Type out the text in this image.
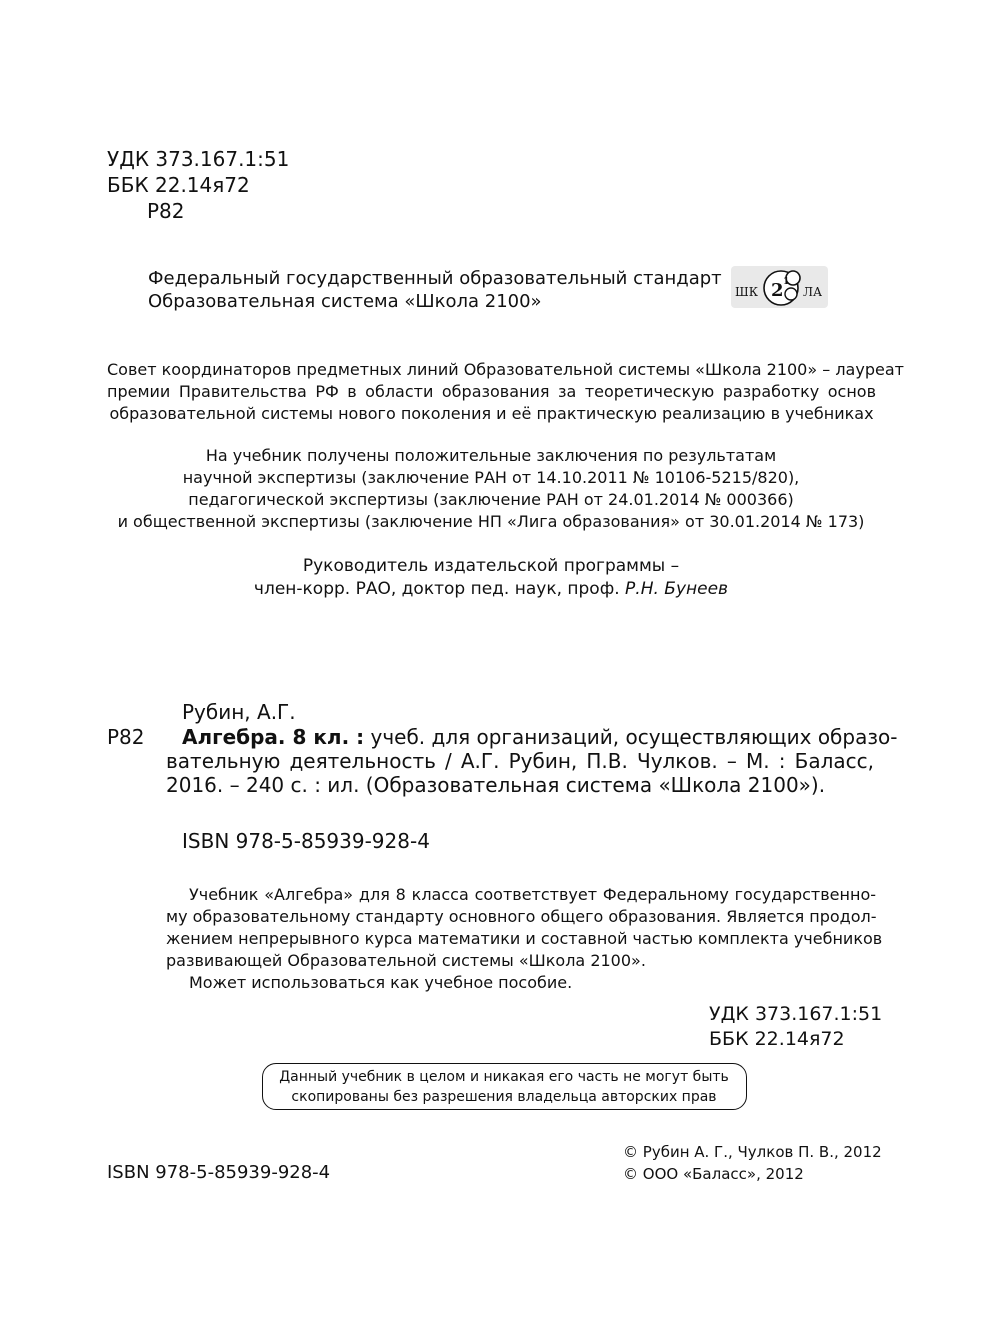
УДК 373.167.1:51
ББК 22.14я72
Р82
Федеральный государственный образовательный стандарт
Образовательная система «Школа 2100»	ШК 2 1
ЛА
Совет координаторов предметных линий Образовательной системы «Школа 2100» – лауреат
премии Правительства РФ в области образования за теоретическую разработку основ
образовательной системы нового поколения и её практическую реализацию в учебниках
На учебник получены положительные заключения по результатам
научной экспертизы (заключение РАН от 14.10.2011 № 10106-5215/820),
педагогической экспертизы (заключение РАН от 24.01.2014 № 000366)
и общественной экспертизы (заключение НП «Лига образования» от 30.01.2014 № 173)
Руководитель издательской программы –
член-корр. РАО, доктор пед. наук, проф. Р.Н. Бунеев
Рубин, А.Г.
Р82 Алгебра. 8 кл. : учеб. для организаций, осуществляющих образо-
вательную деятельность / А.Г. Рубин, П.В. Чулков. – М. : Баласс,
2016. – 240 с. : ил. (Образовательная система «Школа 2100»).
ISBN 978-5-85939-928-4
Учебник «Алгебра» для 8 класса соответствует Федеральному государственно-
му образовательному стандарту основного общего образования. Является продол-
жением непрерывного курса математики и составной частью комплекта учебников
развивающей Образовательной системы «Школа 2100».
Может использоваться как учебное пособие.
УДК 373.167.1:51
ББК 22.14я72
Данный учебник в целом и никакая его часть не могут быть
скопированы без разрешения владельца авторских прав
© Рубин А. Г., Чулков П. В., 2012
© ООО «Баласс», 2012
ISBN 978-5-85939-928-4
